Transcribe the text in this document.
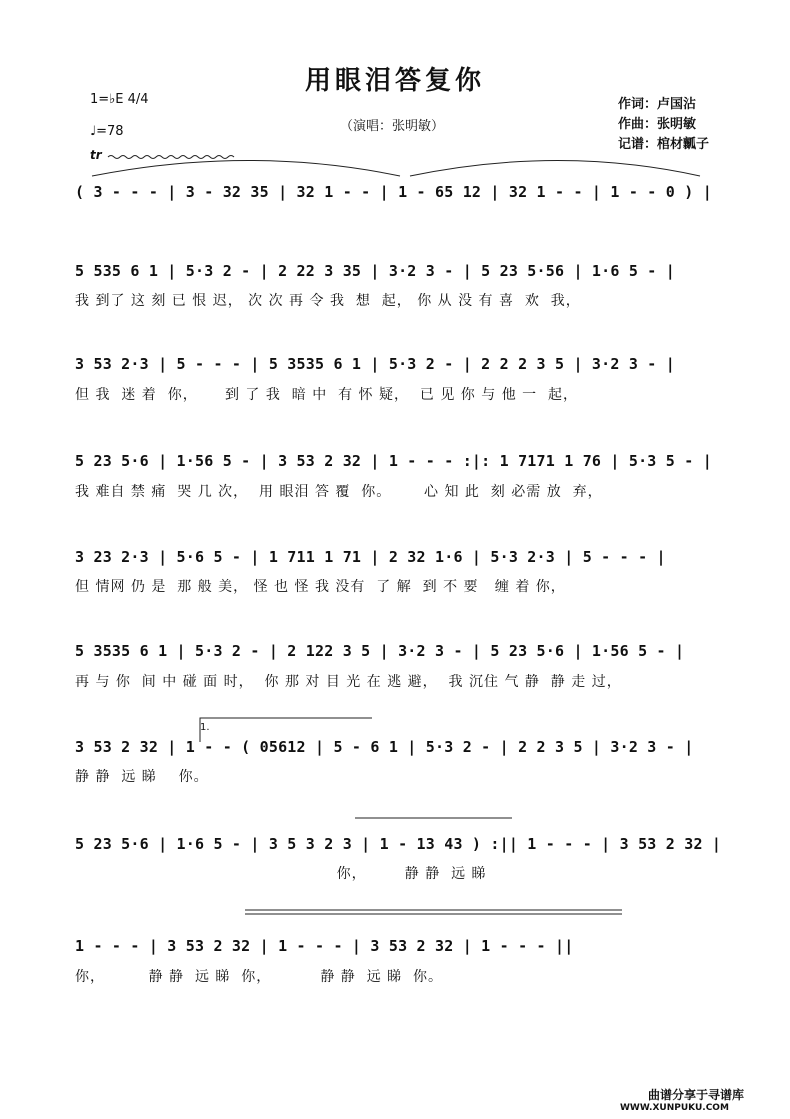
用眼泪答复你
（演唱：张明敏）
作词：卢国沾
作曲：张明敏
记谱：棺材瓤子
1=♭E 4/4
♩=78
tr
1.
( 3 - - - | 3 - 32 35 | 32 1 - - | 1 - 65 12 | 32 1 - - | 1 - - 0 ) |
5 535 6 1 | 5·3 2 - | 2 22 3 35 | 3·2 3 - | 5 23 5·56 | 1·6 5 - |
我 到了 这 刻 已 恨 迟， 次 次 再 令 我  想  起， 你 从 没 有 喜  欢  我，
3 53 2·3 | 5 - - - | 5 3535 6 1 | 5·3 2 - | 2 2 2 3 5 | 3·2 3 - |
但 我  迷 着  你，     到 了 我  暗 中  有 怀 疑，  已 见 你 与 他 一  起，
5 23 5·6 | 1·56 5 - | 3 53 2 32 | 1 - - - :|: 1 7171 1 76 | 5·3 5 - |
我 难自 禁 痛  哭 几 次，  用 眼泪 答 覆  你。      心 知 此  刻 必需 放  弃，
3 23 2·3 | 5·6 5 - | 1 711 1 71 | 2 32 1·6 | 5·3 2·3 | 5 - - - |
但 情网 仍 是  那 般 美， 怪 也 怪 我 没有  了 解  到 不 要   缠 着 你，
5 3535 6 1 | 5·3 2 - | 2 122 3 5 | 3·2 3 - | 5 23 5·6 | 1·56 5 - |
再 与 你  间 中 碰 面 时，  你 那 对 目 光 在 逃 避，  我 沉住 气 静  静 走 过，
3 53 2 32 | 1 - - ( 05612 | 5 - 6 1 | 5·3 2 - | 2 2 3 5 | 3·2 3 - |
静 静  远 睇    你。
5 23 5·6 | 1·6 5 - | 3 5 3 2 3 | 1 - 13 43 ) :|| 1 - - - | 3 53 2 32 |
你，       静 静  远 睇
1 - - - | 3 53 2 32 | 1 - - - | 3 53 2 32 | 1 - - - ||
你，        静 静  远 睇  你，         静 静  远 睇  你。
曲谱分享于寻谱库
WWW.XUNPUKU.COM
